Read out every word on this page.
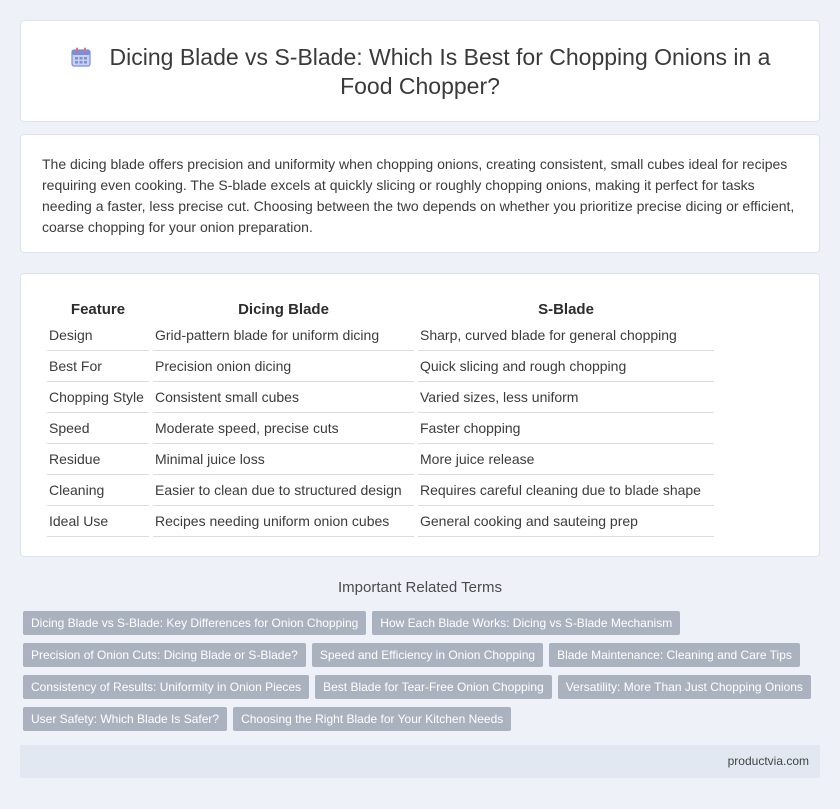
Dicing Blade vs S-Blade: Which Is Best for Chopping Onions in a Food Chopper?

The dicing blade offers precision and uniformity when chopping onions, creating consistent, small cubes ideal for recipes requiring even cooking. The S-blade excels at quickly slicing or roughly chopping onions, making it perfect for tasks needing a faster, less precise cut. Choosing between the two depends on whether you prioritize precise dicing or efficient, coarse chopping for your onion preparation.

Feature	Dicing Blade	S-Blade
Design	Grid-pattern blade for uniform dicing	Sharp, curved blade for general chopping
Best For	Precision onion dicing	Quick slicing and rough chopping
Chopping Style	Consistent small cubes	Varied sizes, less uniform
Speed	Moderate speed, precise cuts	Faster chopping
Residue	Minimal juice loss	More juice release
Cleaning	Easier to clean due to structured design	Requires careful cleaning due to blade shape
Ideal Use	Recipes needing uniform onion cubes	General cooking and sauteing prep
Important Related Terms
Dicing Blade vs S-Blade: Key Differences for Onion Chopping How Each Blade Works: Dicing vs S-Blade Mechanism
Precision of Onion Cuts: Dicing Blade or S-Blade? Speed and Efficiency in Onion Chopping Blade Maintenance: Cleaning and Care Tips
Consistency of Results: Uniformity in Onion Pieces Best Blade for Tear-Free Onion Chopping Versatility: More Than Just Chopping Onions
User Safety: Which Blade Is Safer? Choosing the Right Blade for Your Kitchen Needs
productvia.com
